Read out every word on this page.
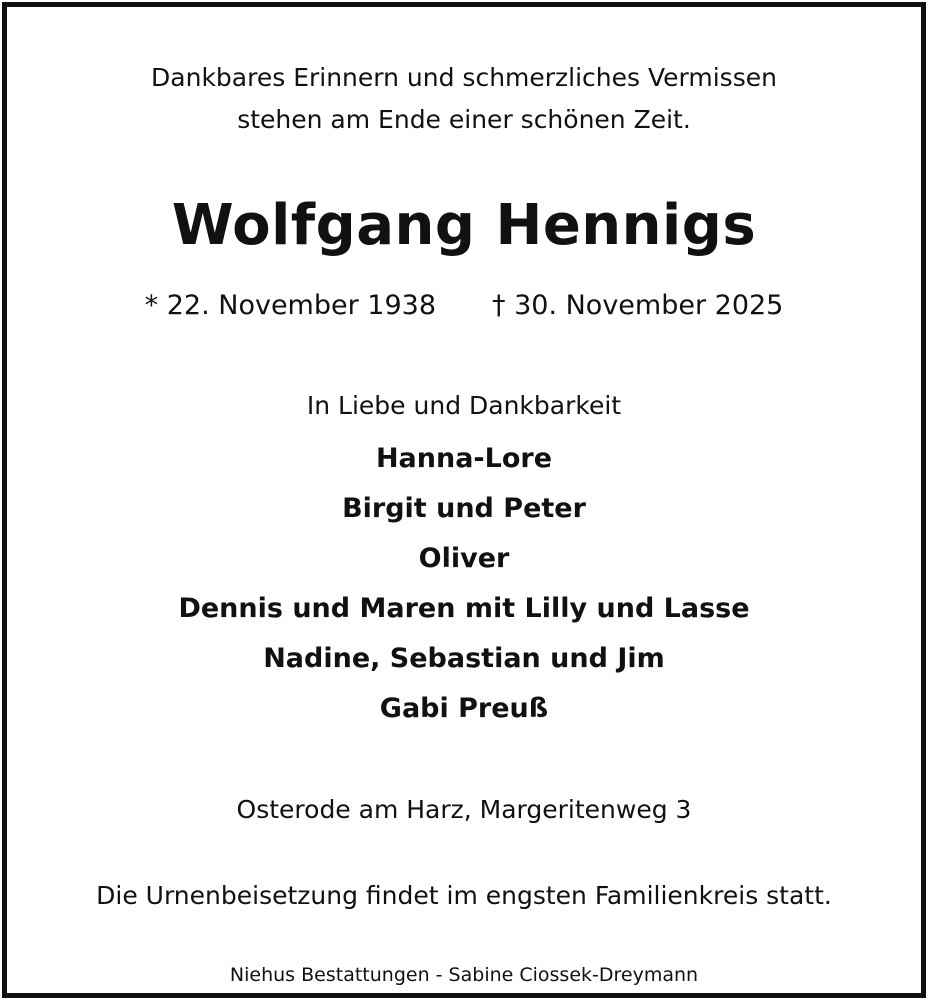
Dankbares Erinnern und schmerzliches Vermissen
stehen am Ende einer schönen Zeit.
Wolfgang Hennigs
* 22. November 1938 † 30. November 2025
In Liebe und Dankbarkeit
Hanna-Lore
Birgit und Peter
Oliver
Dennis und Maren mit Lilly und Lasse
Nadine, Sebastian und Jim
Gabi Preuß
Osterode am Harz, Margeritenweg 3
Die Urnenbeisetzung findet im engsten Familienkreis statt.
Niehus Bestattungen - Sabine Ciossek-Dreymann
